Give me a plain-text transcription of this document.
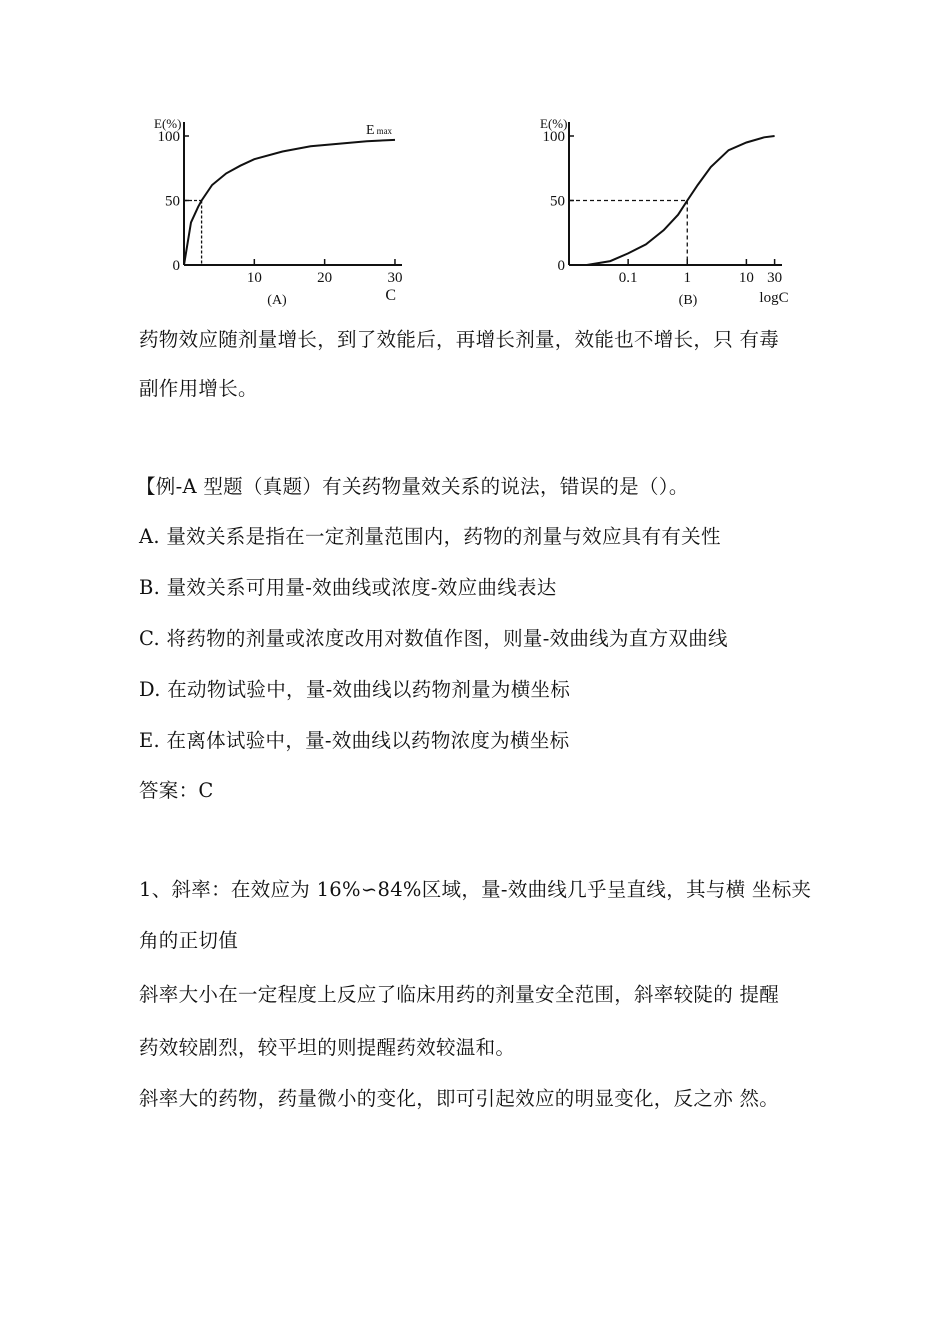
E(%)
100
50
0
10	20	30
Emax
C
(A)
E(%)
100
50
0
0.1	1	10 30
logC
(B)
药物效应随剂量增长，到了效能后，再增长剂量，效能也不增长，只 有毒
副作用增长。
【例-A 型题（真题）有关药物量效关系的说法，错误的是（）。
A. 量效关系是指在一定剂量范围内，药物的剂量与效应具有有关性
B. 量效关系可用量-效曲线或浓度-效应曲线表达
C. 将药物的剂量或浓度改用对数值作图，则量-效曲线为直方双曲线
D. 在动物试验中，量-效曲线以药物剂量为横坐标
E. 在离体试验中，量-效曲线以药物浓度为横坐标
答案：C
1、斜率：在效应为 16%∽84%区域，量-效曲线几乎呈直线，其与横 坐标夹
角的正切值
斜率大小在一定程度上反应了临床用药的剂量安全范围，斜率较陡的 提醒
药效较剧烈，较平坦的则提醒药效较温和。
斜率大的药物，药量微小的变化，即可引起效应的明显变化，反之亦 然。
